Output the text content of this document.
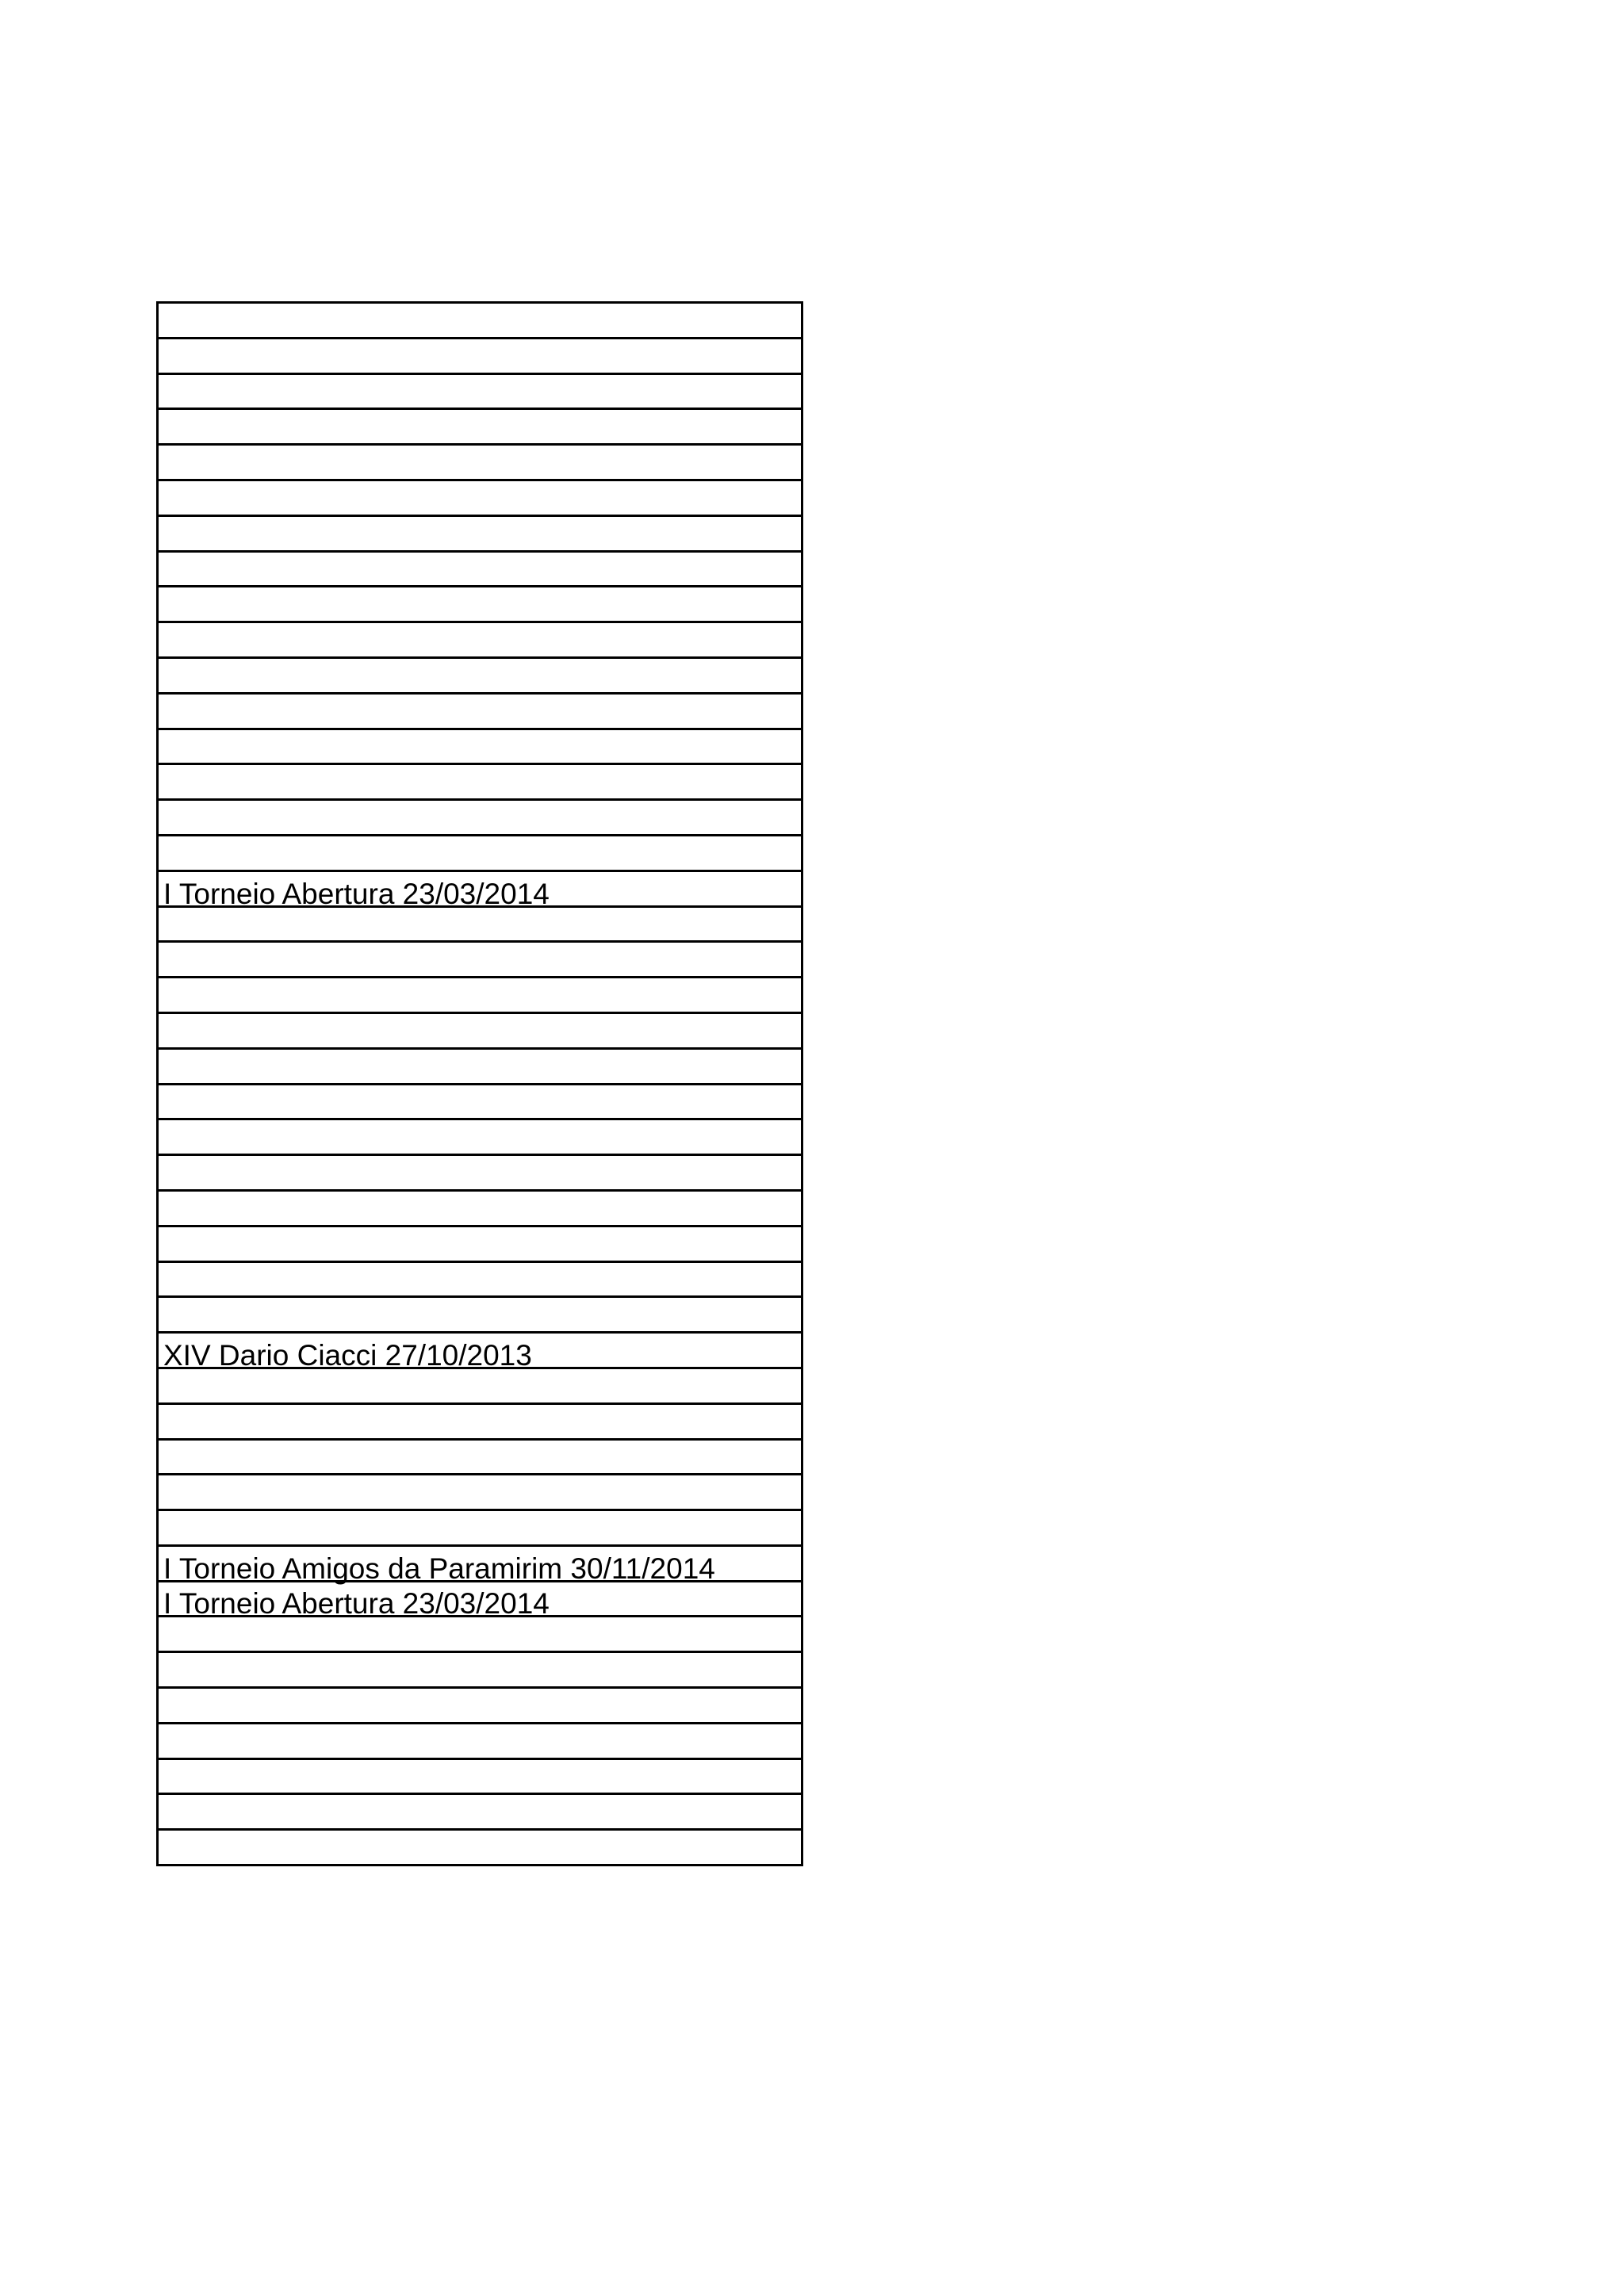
I Torneio Abertura 23/03/2014

XIV Dario Ciacci 27/10/2013

I Torneio Amigos da Paramirim 30/11/2014
I Torneio Abertura 23/03/2014
